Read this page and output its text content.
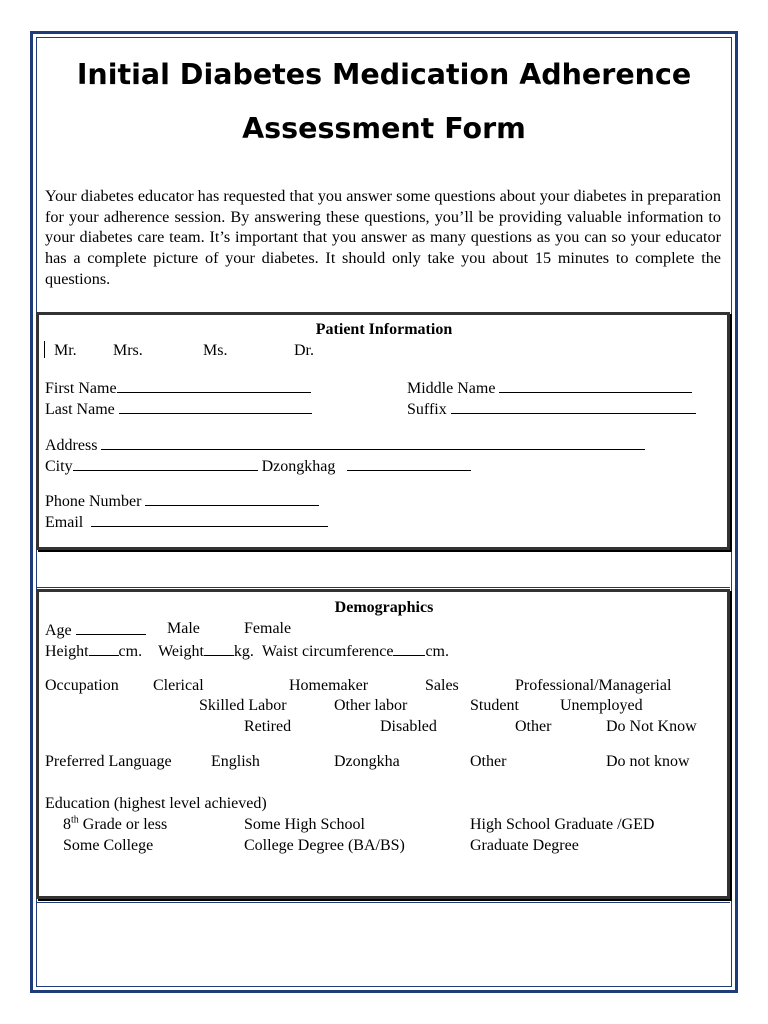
Initial Diabetes Medication Adherence
Assessment Form

Your diabetes educator has requested that you answer some questions about your diabetes in preparation for your adherence session. By answering these questions, you’ll be providing valuable information to your diabetes care team. It’s important that you answer as many questions as you can so your educator has a complete picture of your diabetes. It should only take you about 15 minutes to complete the questions.

Patient Information
Mr. Mrs.	Ms.	Dr.
First Name	Middle Name
Last Name	Suffix
Address
City	Dzongkhag
Phone Number
Email
Demographics
Age	Male	Female
Height cm. Weight kg. Waist circumference cm.
Occupation Clerical	Homemaker	Sales	Professional/Managerial
Skilled Labor	Other labor	Student	Unemployed
Retired	Disabled	Other	Do Not Know
Preferred Language English	Dzongkha	Other	Do not know
Education (highest level achieved)
8th Grade or less	Some High School	High School Graduate /GED
Some College	College Degree (BA/BS)	Graduate Degree
